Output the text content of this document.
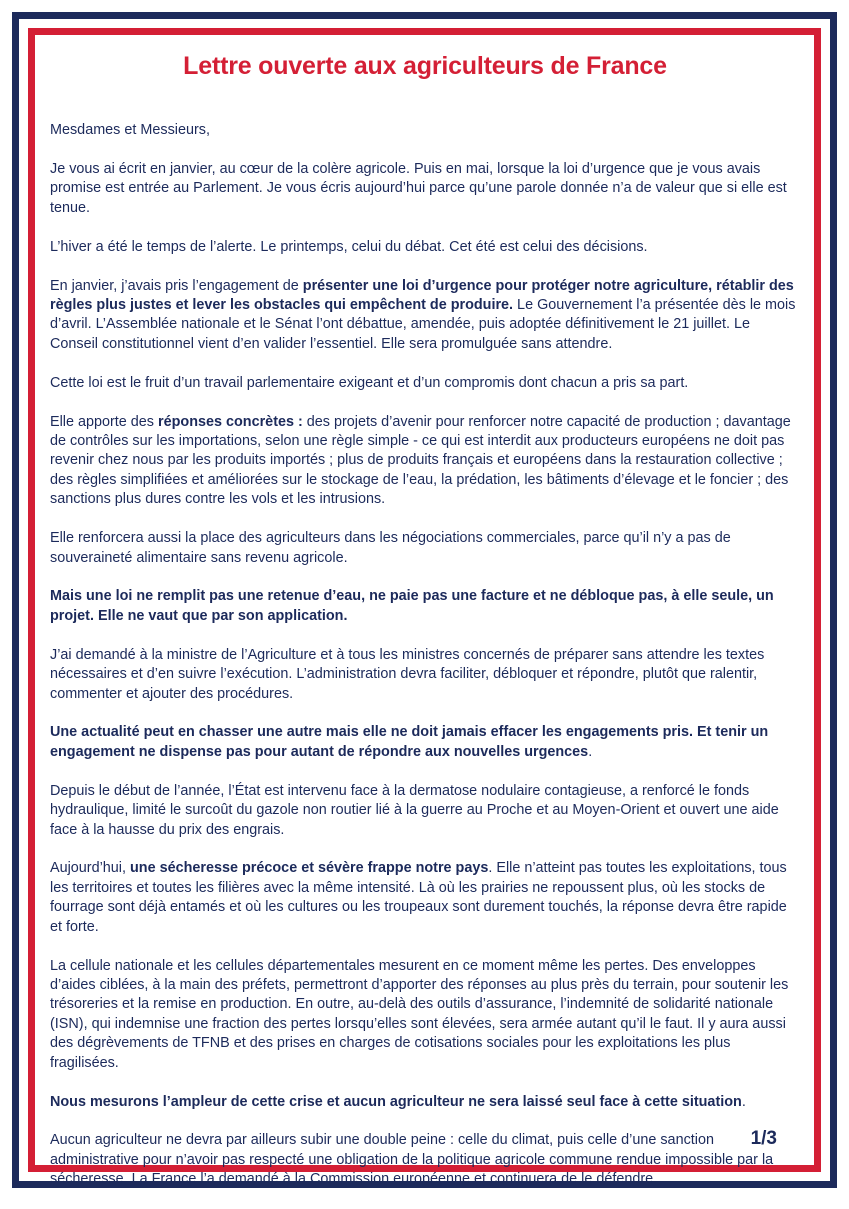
Lettre ouverte aux agriculteurs de France

Mesdames et Messieurs,

Je vous ai écrit en janvier, au cœur de la colère agricole. Puis en mai, lorsque la loi d’urgence que je vous avais promise est entrée au Parlement. Je vous écris aujourd’hui parce qu’une parole donnée n’a de valeur que si elle est tenue.

L’hiver a été le temps de l’alerte. Le printemps, celui du débat. Cet été est celui des décisions.

En janvier, j’avais pris l’engagement de présenter une loi d’urgence pour protéger notre agriculture, rétablir des règles plus justes et lever les obstacles qui empêchent de produire. Le Gouvernement l’a présentée dès le mois d’avril. L’Assemblée nationale et le Sénat l’ont débattue, amendée, puis adoptée définitivement le 21 juillet. Le Conseil constitutionnel vient d’en valider l’essentiel. Elle sera promulguée sans attendre.

Cette loi est le fruit d’un travail parlementaire exigeant et d’un compromis dont chacun a pris sa part.

Elle apporte des réponses concrètes : des projets d’avenir pour renforcer notre capacité de production ; davantage de contrôles sur les importations, selon une règle simple - ce qui est interdit aux producteurs européens ne doit pas revenir chez nous par les produits importés ; plus de produits français et européens dans la restauration collective ; des règles simplifiées et améliorées sur le stockage de l’eau, la prédation, les bâtiments d’élevage et le foncier ; des sanctions plus dures contre les vols et les intrusions.

Elle renforcera aussi la place des agriculteurs dans les négociations commerciales, parce qu’il n’y a pas de souveraineté alimentaire sans revenu agricole.

Mais une loi ne remplit pas une retenue d’eau, ne paie pas une facture et ne débloque pas, à elle seule, un projet. Elle ne vaut que par son application.

J’ai demandé à la ministre de l’Agriculture et à tous les ministres concernés de préparer sans attendre les textes nécessaires et d’en suivre l’exécution. L’administration devra faciliter, débloquer et répondre, plutôt que ralentir, commenter et ajouter des procédures.

Une actualité peut en chasser une autre mais elle ne doit jamais effacer les engagements pris. Et tenir un engagement ne dispense pas pour autant de répondre aux nouvelles urgences.

Depuis le début de l’année, l’État est intervenu face à la dermatose nodulaire contagieuse, a renforcé le fonds hydraulique, limité le surcoût du gazole non routier lié à la guerre au Proche et au Moyen-Orient et ouvert une aide face à la hausse du prix des engrais.

Aujourd’hui, une sécheresse précoce et sévère frappe notre pays. Elle n’atteint pas toutes les exploitations, tous les territoires et toutes les filières avec la même intensité. Là où les prairies ne repoussent plus, où les stocks de fourrage sont déjà entamés et où les cultures ou les troupeaux sont durement touchés, la réponse devra être rapide et forte.

La cellule nationale et les cellules départementales mesurent en ce moment même les pertes. Des enveloppes d’aides ciblées, à la main des préfets, permettront d’apporter des réponses au plus près du terrain, pour soutenir les trésoreries et la remise en production. En outre, au-delà des outils d’assurance, l’indemnité de solidarité nationale (ISN), qui indemnise une fraction des pertes lorsqu’elles sont élevées, sera armée autant qu’il le faut. Il y aura aussi des dégrèvements de TFNB et des prises en charges de cotisations sociales pour les exploitations les plus fragilisées.

Nous mesurons l’ampleur de cette crise et aucun agriculteur ne sera laissé seul face à cette situation.

Aucun agriculteur ne devra par ailleurs subir une double peine : celle du climat, puis celle d’une sanction administrative pour n’avoir pas respecté une obligation de la politique agricole commune rendue impossible par la sécheresse. La France l’a demandé à la Commission européenne et continuera de le défendre.

1/3
